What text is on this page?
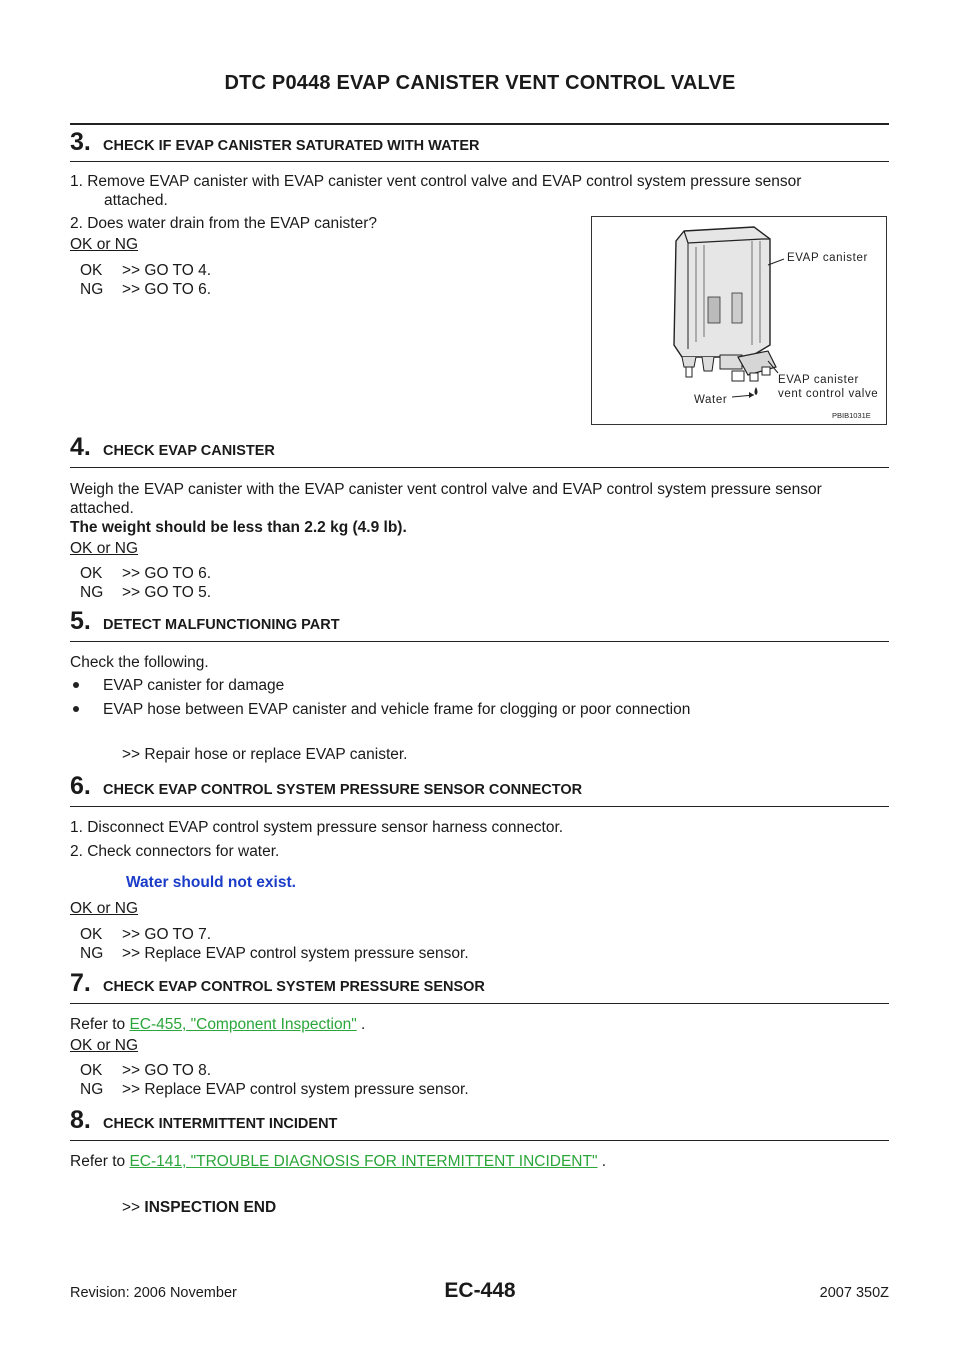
DTC P0448 EVAP CANISTER VENT CONTROL VALVE
3. CHECK IF EVAP CANISTER SATURATED WITH WATER
1. Remove EVAP canister with EVAP canister vent control valve and EVAP control system pressure sensor
attached.
2. Does water drain from the EVAP canister?
OK or NG
OK >> GO TO 4.
NG >> GO TO 6.
EVAP canister
EVAP canister
vent control valve
Water
PBIB1031E
4. CHECK EVAP CANISTER
Weigh the EVAP canister with the EVAP canister vent control valve and EVAP control system pressure sensor
attached.
The weight should be less than 2.2 kg (4.9 lb).
OK or NG
OK >> GO TO 6.
NG >> GO TO 5.
5. DETECT MALFUNCTIONING PART
Check the following.
EVAP canister for damage
EVAP hose between EVAP canister and vehicle frame for clogging or poor connection
>> Repair hose or replace EVAP canister.
6. CHECK EVAP CONTROL SYSTEM PRESSURE SENSOR CONNECTOR
1. Disconnect EVAP control system pressure sensor harness connector.
2. Check connectors for water.
Water should not exist.
OK or NG
OK >> GO TO 7.
NG >> Replace EVAP control system pressure sensor.
7. CHECK EVAP CONTROL SYSTEM PRESSURE SENSOR
Refer to EC-455, "Component Inspection" .
OK or NG
OK >> GO TO 8.
NG >> Replace EVAP control system pressure sensor.
8. CHECK INTERMITTENT INCIDENT
Refer to EC-141, "TROUBLE DIAGNOSIS FOR INTERMITTENT INCIDENT" .
>> INSPECTION END
Revision: 2006 November	EC-448	2007 350Z
